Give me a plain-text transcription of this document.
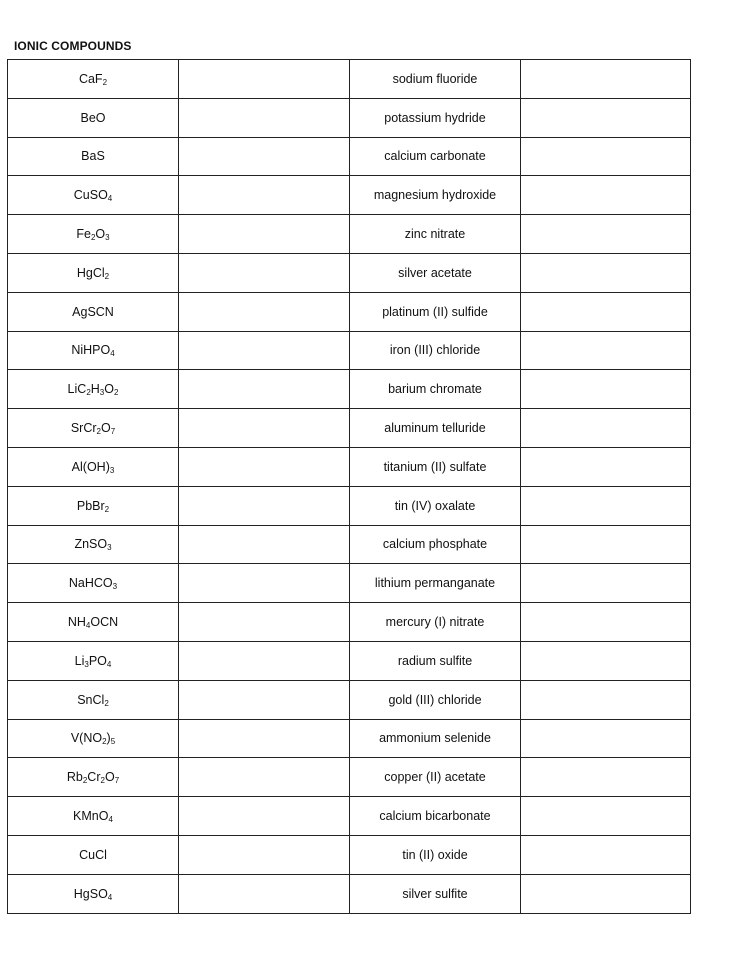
IONIC COMPOUNDS
CaF$_2$		sodium fluoride	
BeO		potassium hydride	
BaS		calcium carbonate	
CuSO$_4$		magnesium hydroxide	
$Fe_2O_3$		zinc nitrate	
HgCl$_2$		silver acetate	
AgSCN		platinum (II) sulfide	
NiHPO$_4$		iron (III) chloride	
$LiC_2H_3O_2$		barium chromate	
$SrCr_2O_7$		aluminum telluride	
$Al(OH)_3$		titanium (II) sulfate	
PbBr$_2$		tin (IV) oxalate	
ZnSO$_3$		calcium phosphate	
NaHCO$_3$		lithium permanganate	
$NH_4OCN$		mercury (I) nitrate	
$Li_3PO_4$		radium sulfite	
SnCl$_2$		gold (III) chloride	
$V(NO_2)_5$		ammonium selenide	
$Rb_2Cr_2O_7$		copper (II) acetate	
KMnO$_4$		calcium bicarbonate	
CuCl		tin (II) oxide	
HgSO$_4$		silver sulfite	
